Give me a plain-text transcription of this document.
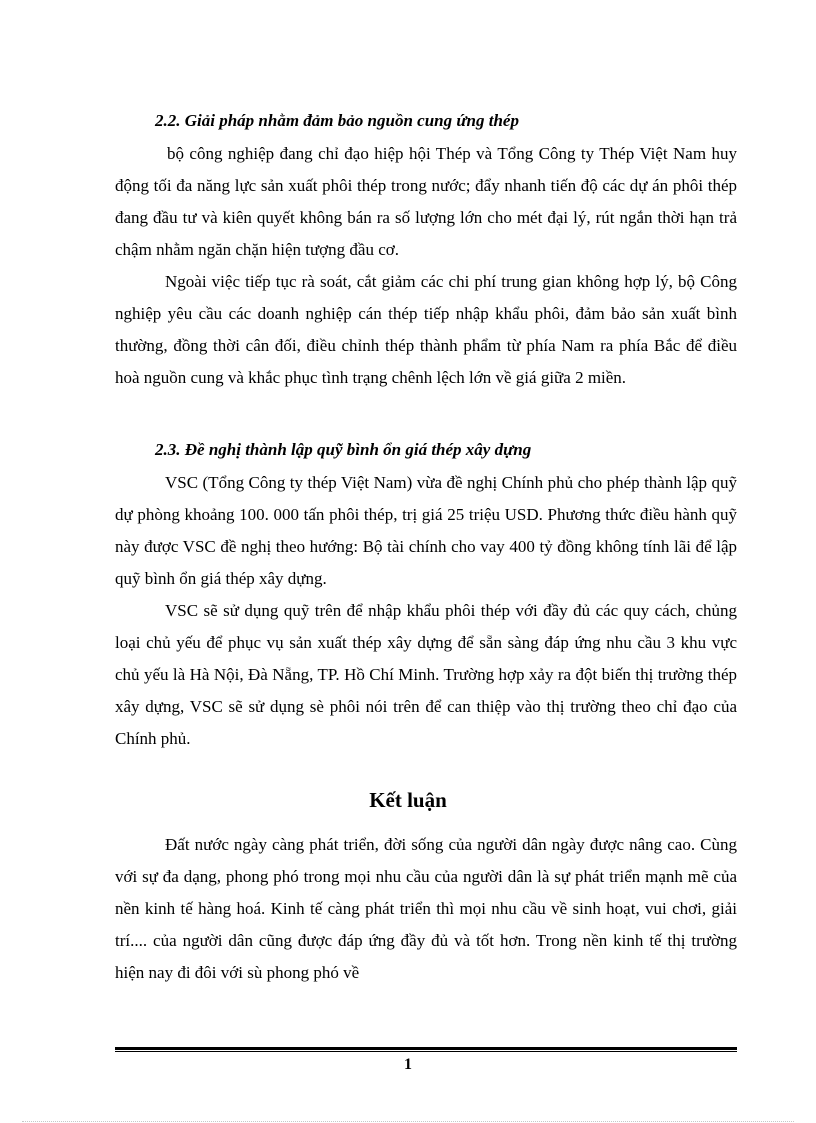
2.2. Giải pháp nhằm đảm bảo nguồn cung ứng thép
bộ công nghiệp đang chỉ đạo hiệp hội Thép và Tổng Công ty Thép Việt Nam huy động tối đa năng lực sản xuất phôi thép trong nước; đẩy nhanh tiến độ các dự án phôi thép đang đầu tư và kiên quyết không bán ra số lượng lớn cho mét đại lý, rút ngắn thời hạn trả chậm nhằm ngăn chặn hiện tượng đầu cơ.
Ngoài việc tiếp tục rà soát, cắt giảm các chi phí trung gian không hợp lý, bộ Công nghiệp yêu cầu các doanh nghiệp cán thép tiếp nhập khẩu phôi, đảm bảo sản xuất bình thường, đồng thời cân đối, điều chỉnh thép thành phẩm từ phía Nam ra phía Bắc để điều hoà nguồn cung và khắc phục tình trạng chênh lệch lớn về giá giữa 2 miền.
2.3. Đề nghị thành lập quỹ bình ổn giá thép xây dựng
VSC (Tổng Công ty thép Việt Nam) vừa đề nghị Chính phủ cho phép thành lập quỹ dự phòng khoảng 100. 000 tấn phôi thép, trị giá 25 triệu USD. Phương thức điều hành quỹ này được VSC đề nghị theo hướng: Bộ tài chính cho vay 400 tỷ đồng không tính lãi để lập quỹ bình ổn giá thép xây dựng.
VSC sẽ sử dụng quỹ trên để nhập khẩu phôi thép với đầy đủ các quy cách, chủng loại chủ yếu để phục vụ sản xuất thép xây dựng để sẵn sàng đáp ứng nhu cầu 3 khu vực chủ yếu là Hà Nội, Đà Nẵng, TP. Hồ Chí Minh. Trường hợp xảy ra đột biến thị trường thép xây dựng, VSC sẽ sử dụng sè phôi nói trên để can thiệp vào thị trường theo chỉ đạo của Chính phủ.
Kết luận
Đất nước ngày càng phát triển, đời sống của người dân ngày được nâng cao. Cùng với sự đa dạng, phong phó trong mọi nhu cầu của người dân là sự phát triển mạnh mẽ của nền kinh tế hàng hoá. Kinh tế càng phát triển thì mọi nhu cầu về sinh hoạt, vui chơi, giải trí.... của người dân cũng được đáp ứng đầy đủ và tốt hơn. Trong nền kinh tế thị trường hiện nay đi đôi với sù phong phó về
1
